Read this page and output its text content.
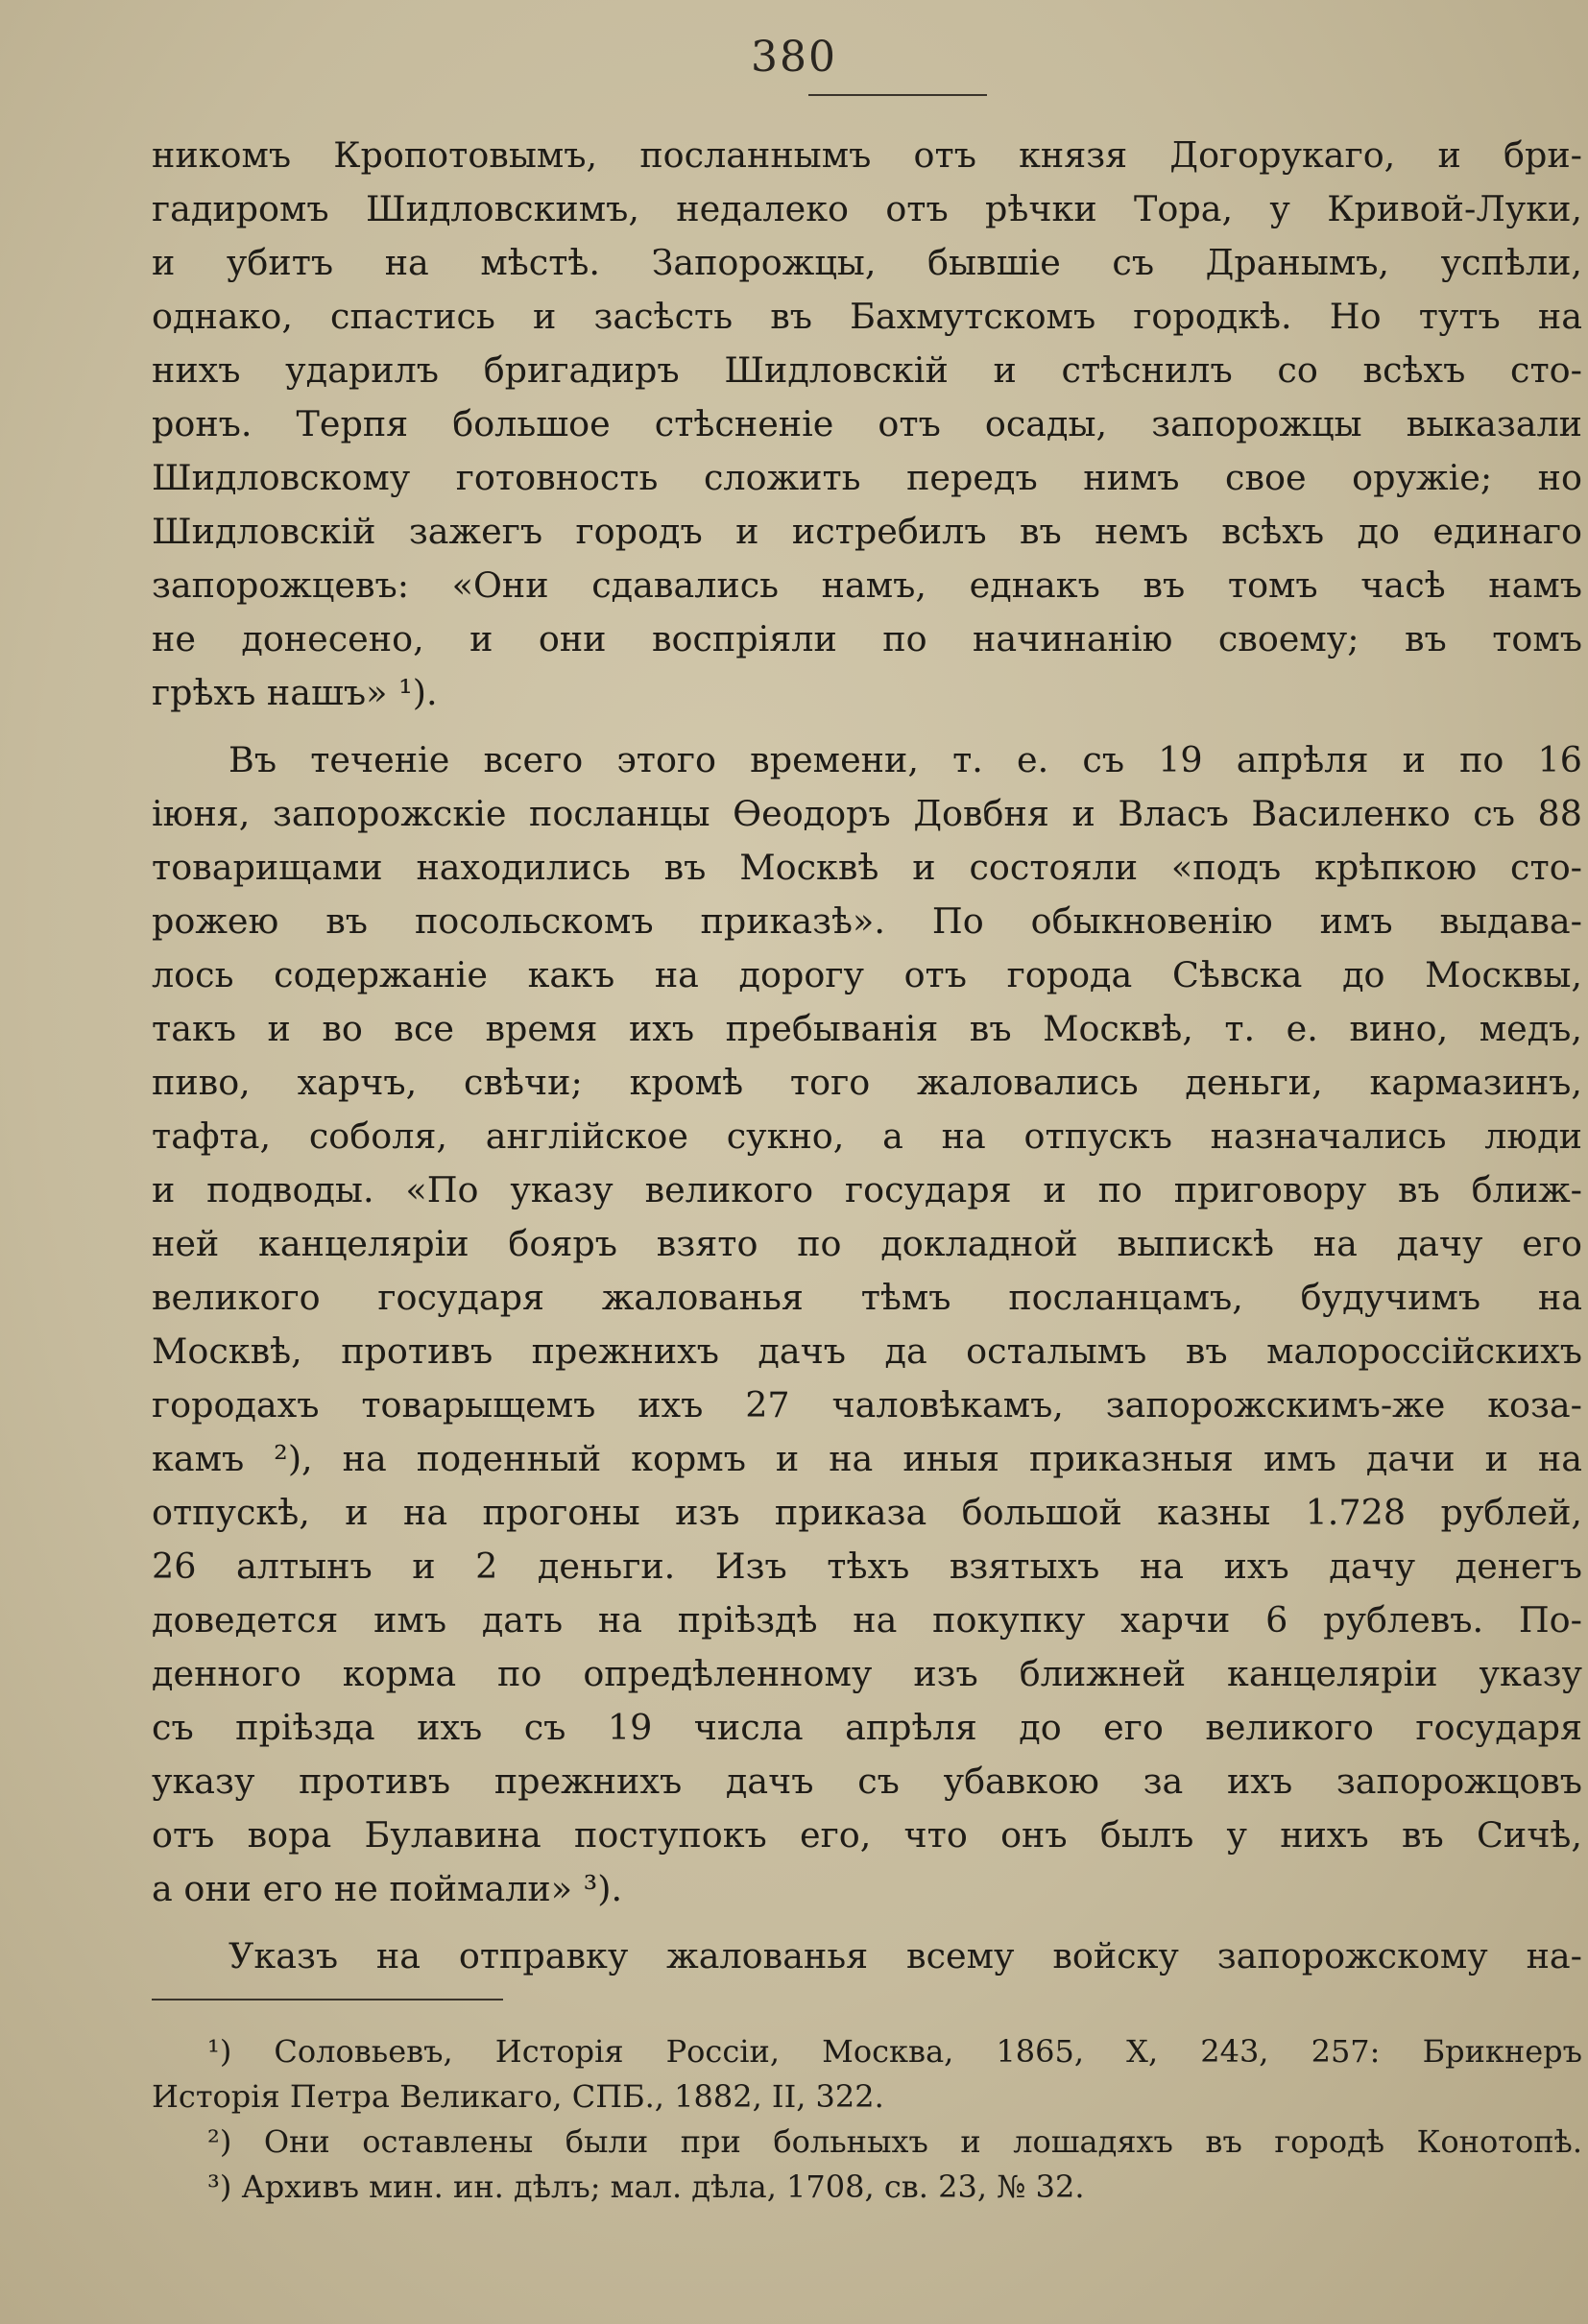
380
никомъ Кропотовымъ, посланнымъ отъ князя Догорукаго, и бри-
гадиромъ Шидловскимъ, недалеко отъ рѣчки Тора, у Кривой-Луки,
и убитъ на мѣстѣ. Запорожцы, бывшіе съ Дранымъ, успѣли,
однако, спастись и засѣсть въ Бахмутскомъ городкѣ. Но тутъ на
нихъ ударилъ бригадиръ Шидловскій и стѣснилъ со всѣхъ сто-
ронъ. Терпя большое стѣсненіе отъ осады, запорожцы выказали
Шидловскому готовность сложить передъ нимъ свое оружіе; но
Шидловскій зажегъ городъ и истребилъ въ немъ всѣхъ до единаго
запорожцевъ: «Они сдавались намъ, еднакъ въ томъ часѣ намъ
не донесено, и они воспріяли по начинанію своему; въ томъ
грѣхъ нашъ» ¹).
Въ теченіе всего этого времени, т. е. съ 19 апрѣля и по 16
іюня, запорожскіе посланцы Ѳеодоръ Довбня и Власъ Василенко съ 88
товарищами находились въ Москвѣ и состояли «подъ крѣпкою сто-
рожею въ посольскомъ приказѣ». По обыкновенію имъ выдава-
лось содержаніе какъ на дорогу отъ города Сѣвска до Москвы,
такъ и во все время ихъ пребыванія въ Москвѣ, т. е. вино, медъ,
пиво, харчъ, свѣчи; кромѣ того жаловались деньги, кармазинъ,
тафта, соболя, англійское сукно, а на отпускъ назначались люди
и подводы. «По указу великого государя и по приговору въ ближ-
ней канцеляріи бояръ взято по докладной выпискѣ на дачу его
великого государя жалованья тѣмъ посланцамъ, будучимъ на
Москвѣ, противъ прежнихъ дачъ да осталымъ въ малороссійскихъ
городахъ товарыщемъ ихъ 27 чаловѣкамъ, запорожскимъ-же коза-
камъ ²), на поденный кормъ и на иныя приказныя имъ дачи и на
отпускѣ, и на прогоны изъ приказа большой казны 1.728 рублей,
26 алтынъ и 2 деньги. Изъ тѣхъ взятыхъ на ихъ дачу денегъ
доведется имъ дать на пріѣздѣ на покупку харчи 6 рублевъ. По-
денного корма по опредѣленному изъ ближней канцеляріи указу
съ пріѣзда ихъ съ 19 числа апрѣля до его великого государя
указу противъ прежнихъ дачъ съ убавкою за ихъ запорожцовъ
отъ вора Булавина поступокъ его, что онъ былъ у нихъ въ Сичѣ,
а они его не поймали» ³).
Указъ на отправку жалованья всему войску запорожскому на-
¹) Соловьевъ, Исторія Россіи, Москва, 1865, X, 243, 257: Брикнеръ
Исторія Петра Великаго, СПБ., 1882, II, 322.
²) Они оставлены были при больныхъ и лошадяхъ въ городѣ Конотопѣ.
³) Архивъ мин. ин. дѣлъ; мал. дѣла, 1708, св. 23, № 32.
